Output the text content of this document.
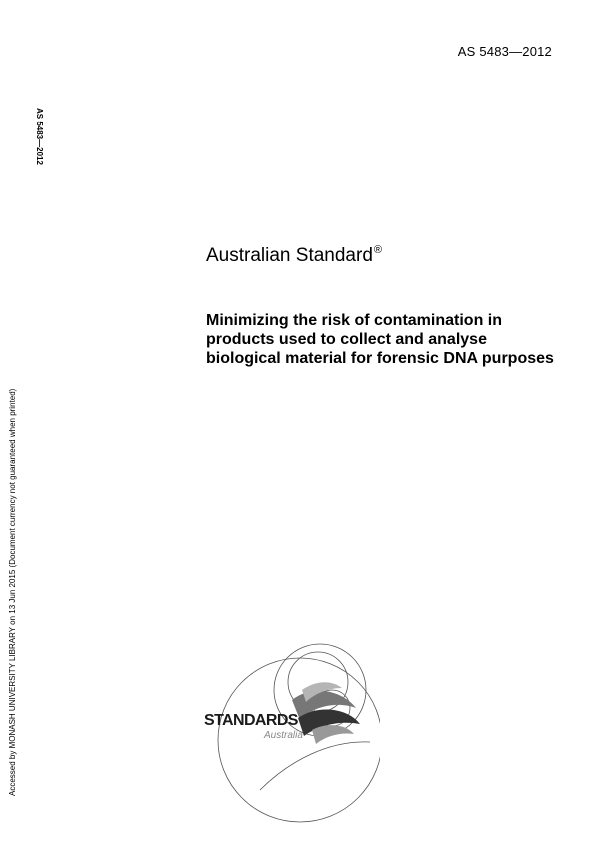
AS 5483—2012
AS 5483—2012
Accessed by MONASH UNIVERSITY LIBRARY on 13 Jun 2015 (Document currency not guaranteed when printed)
Australian Standard®
Minimizing the risk of contamination in products used to collect and analyse biological material for forensic DNA purposes
STANDARDS
Australia
